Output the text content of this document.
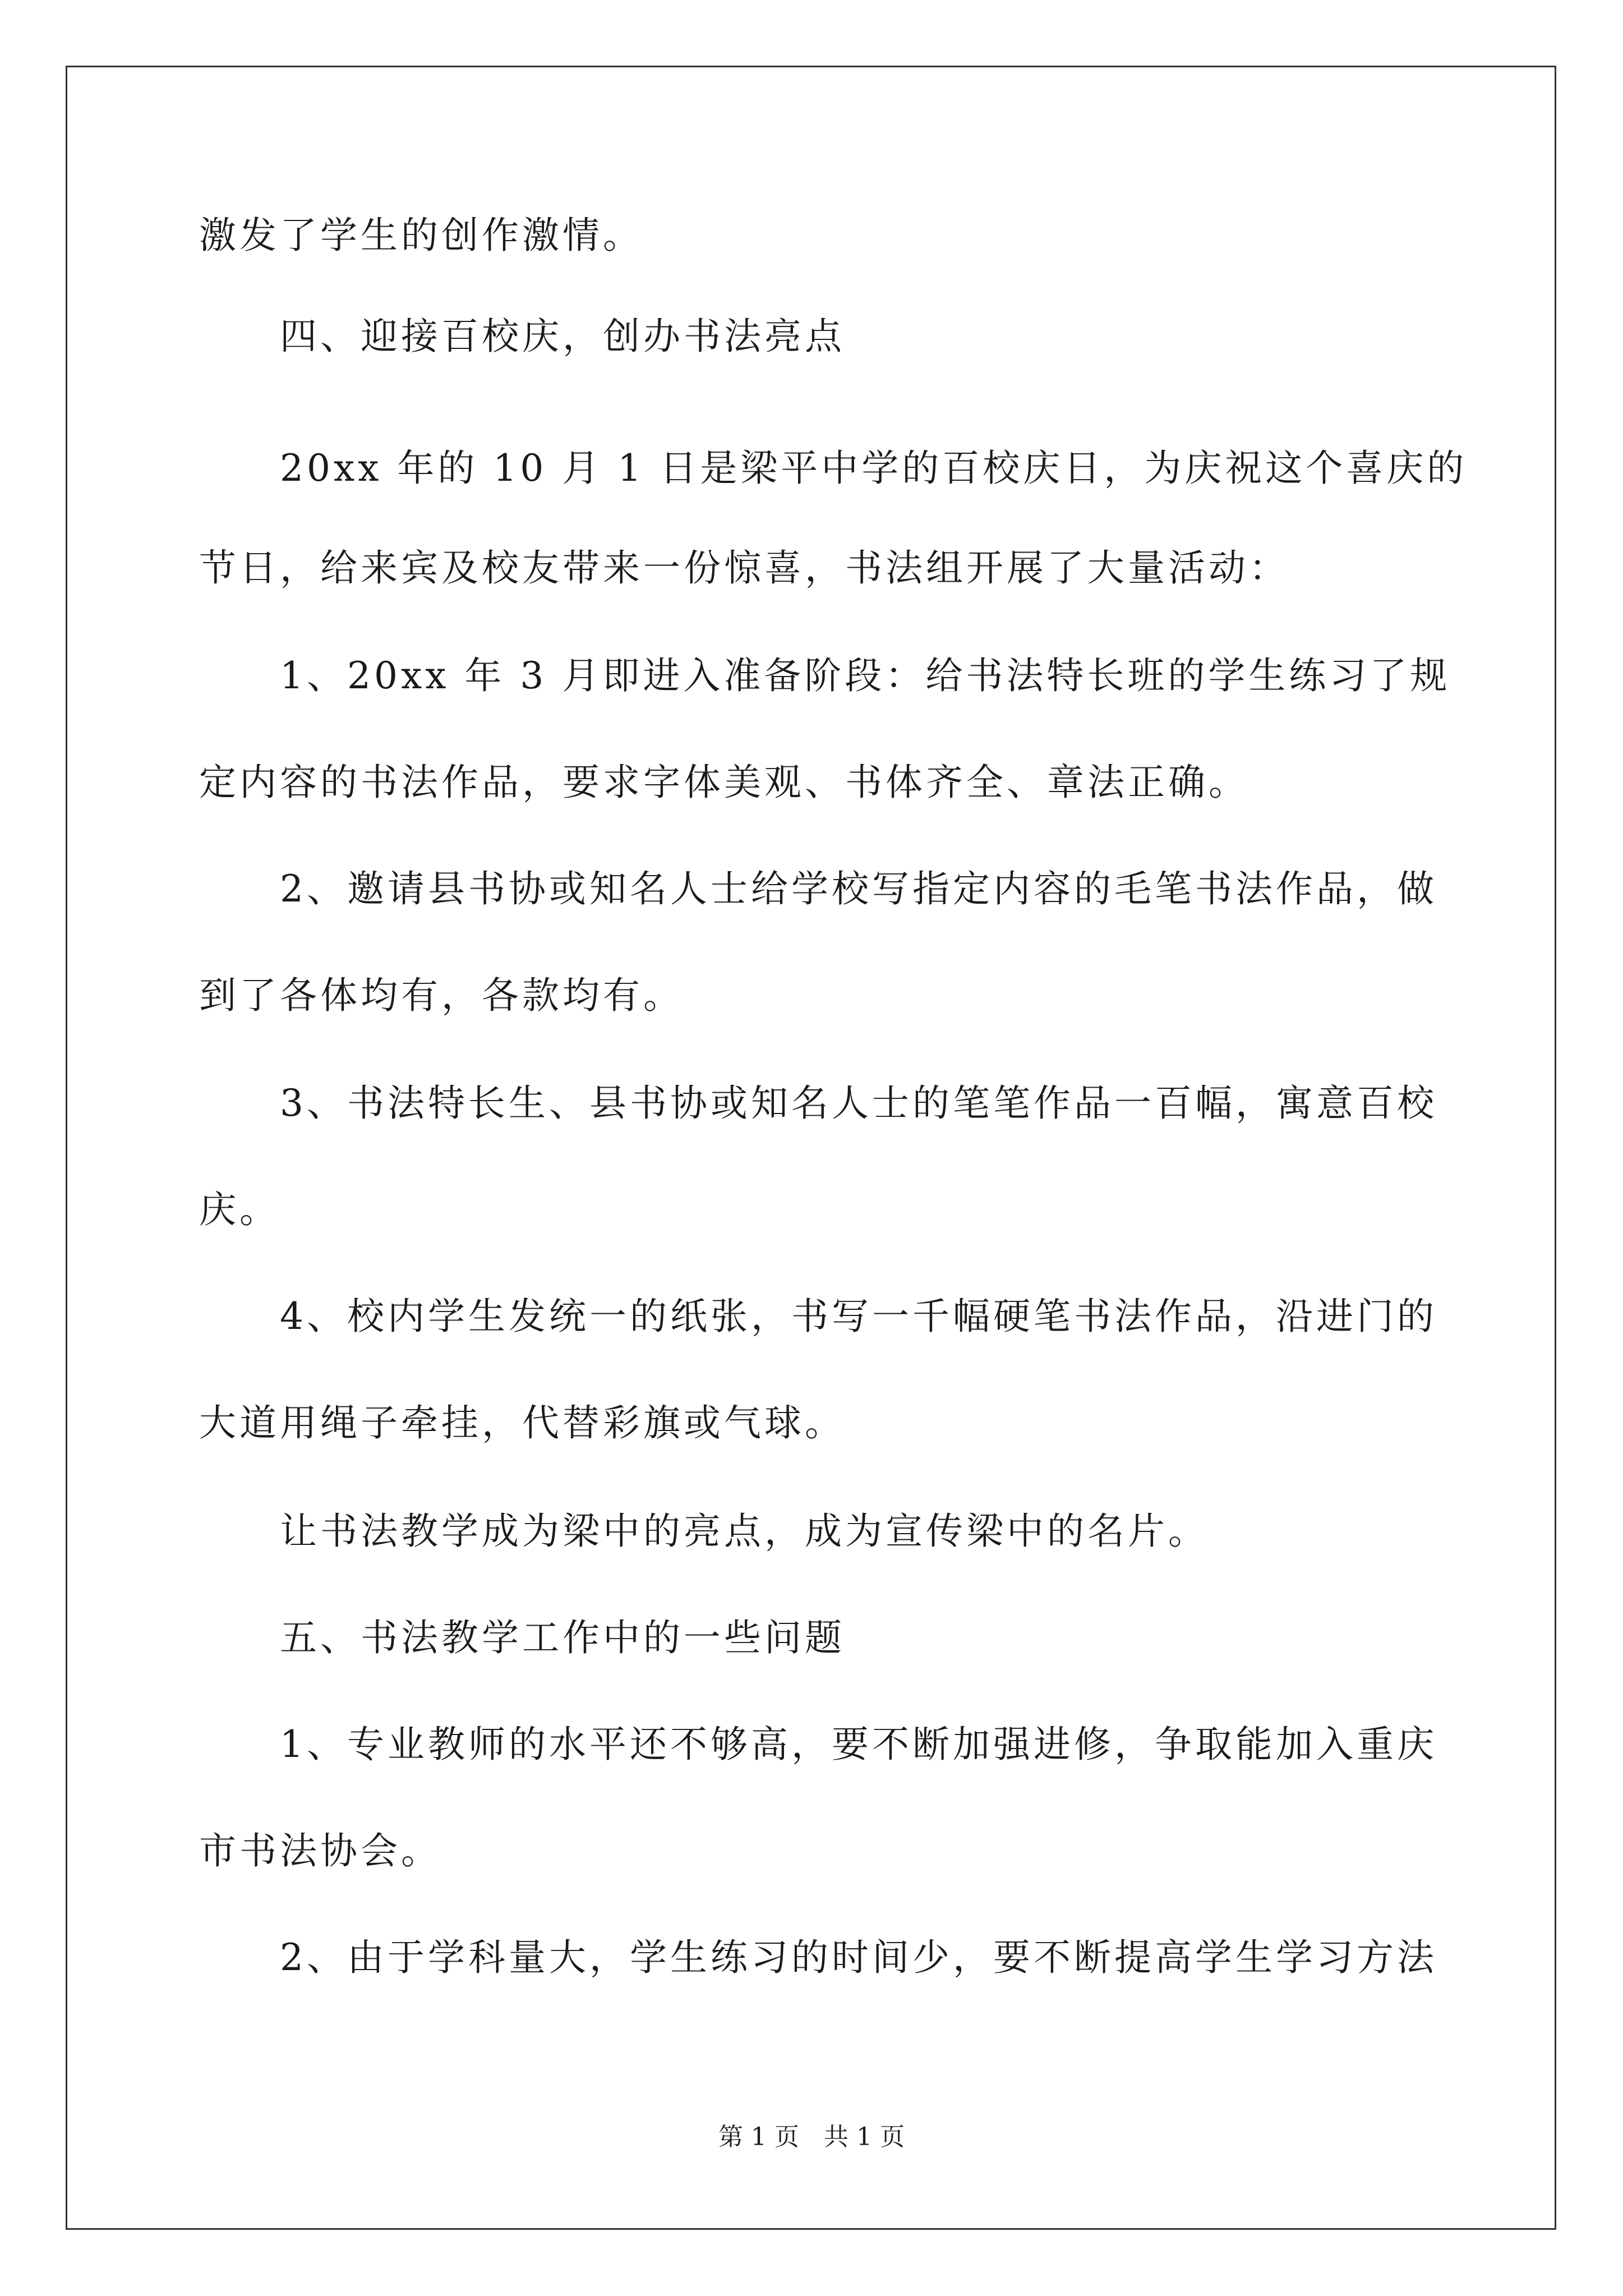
激发了学生的创作激情。
　　四、迎接百校庆，创办书法亮点
　　20xx 年的 10 月 1 日是梁平中学的百校庆日，为庆祝这个喜庆的
节日，给来宾及校友带来一份惊喜，书法组开展了大量活动：
　　1、20xx 年 3 月即进入准备阶段：给书法特长班的学生练习了规
定内容的书法作品，要求字体美观、书体齐全、章法正确。
　　2、邀请县书协或知名人士给学校写指定内容的毛笔书法作品，做
到了各体均有，各款均有。
　　3、书法特长生、县书协或知名人士的笔笔作品一百幅，寓意百校
庆。
　　4、校内学生发统一的纸张，书写一千幅硬笔书法作品，沿进门的
大道用绳子牵挂，代替彩旗或气球。
　　让书法教学成为梁中的亮点，成为宣传梁中的名片。
　　五、书法教学工作中的一些问题
　　1、专业教师的水平还不够高，要不断加强进修，争取能加入重庆
市书法协会。
　　2、由于学科量大，学生练习的时间少，要不断提高学生学习方法
第 1 页　共 1 页
